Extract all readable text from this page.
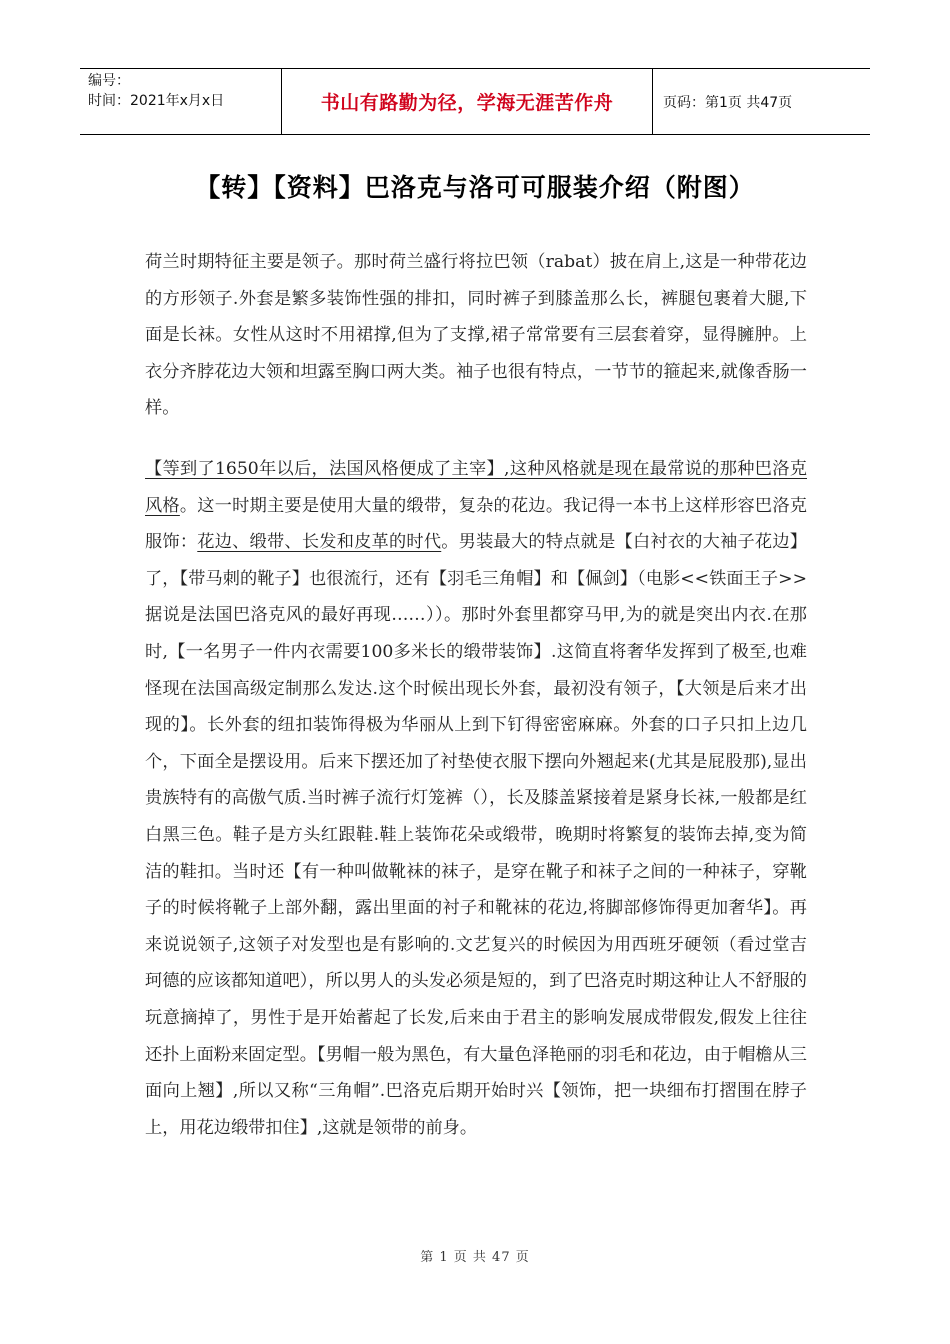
编号：
时间：2021年x月x日	书山有路勤为径，学海无涯苦作舟	页码：第1页 共47页
【转】【资料】巴洛克与洛可可服装介绍（附图）

荷兰时期特征主要是领子。那时荷兰盛行将拉巴领（rabat）披在肩上,这是一种带花边的方形领子.外套是繁多装饰性强的排扣，同时裤子到膝盖那么长，裤腿包裹着大腿,下面是长袜。女性从这时不用裙撑,但为了支撑,裙子常常要有三层套着穿，显得臃肿。上衣分齐脖花边大领和坦露至胸口两大类。袖子也很有特点，一节节的箍起来,就像香肠一样。

【等到了1650年以后，法国风格便成了主宰】,这种风格就是现在最常说的那种巴洛克风格。这一时期主要是使用大量的缎带，复杂的花边。我记得一本书上这样形容巴洛克服饰：花边、缎带、长发和皮革的时代。男装最大的特点就是【白衬衣的大袖子花边】了，【带马刺的靴子】也很流行，还有【羽毛三角帽】和【佩剑】（电影<<铁面王子>>据说是法国巴洛克风的最好再现……））。那时外套里都穿马甲,为的就是突出内衣.在那时,【一名男子一件内衣需要100多米长的缎带装饰】.这简直将奢华发挥到了极至,也难怪现在法国高级定制那么发达.这个时候出现长外套，最初没有领子，【大领是后来才出现的】。长外套的纽扣装饰得极为华丽从上到下钉得密密麻麻。外套的口子只扣上边几个，下面全是摆设用。后来下摆还加了衬垫使衣服下摆向外翘起来(尤其是屁股那),显出贵族特有的高傲气质.当时裤子流行灯笼裤（），长及膝盖紧接着是紧身长袜,一般都是红白黑三色。鞋子是方头红跟鞋.鞋上装饰花朵或缎带，晚期时将繁复的装饰去掉,变为简洁的鞋扣。当时还【有一种叫做靴袜的袜子，是穿在靴子和袜子之间的一种袜子，穿靴子的时候将靴子上部外翻，露出里面的衬子和靴袜的花边,将脚部修饰得更加奢华】。再来说说领子,这领子对发型也是有影响的.文艺复兴的时候因为用西班牙硬领（看过堂吉珂德的应该都知道吧），所以男人的头发必须是短的，到了巴洛克时期这种让人不舒服的玩意摘掉了，男性于是开始蓄起了长发,后来由于君主的影响发展成带假发,假发上往往还扑上面粉来固定型。【男帽一般为黑色，有大量色泽艳丽的羽毛和花边，由于帽檐从三面向上翘】,所以又称“三角帽”.巴洛克后期开始时兴【领饰，把一块细布打摺围在脖子上，用花边缎带扣住】,这就是领带的前身。

第 1 页 共 47 页
